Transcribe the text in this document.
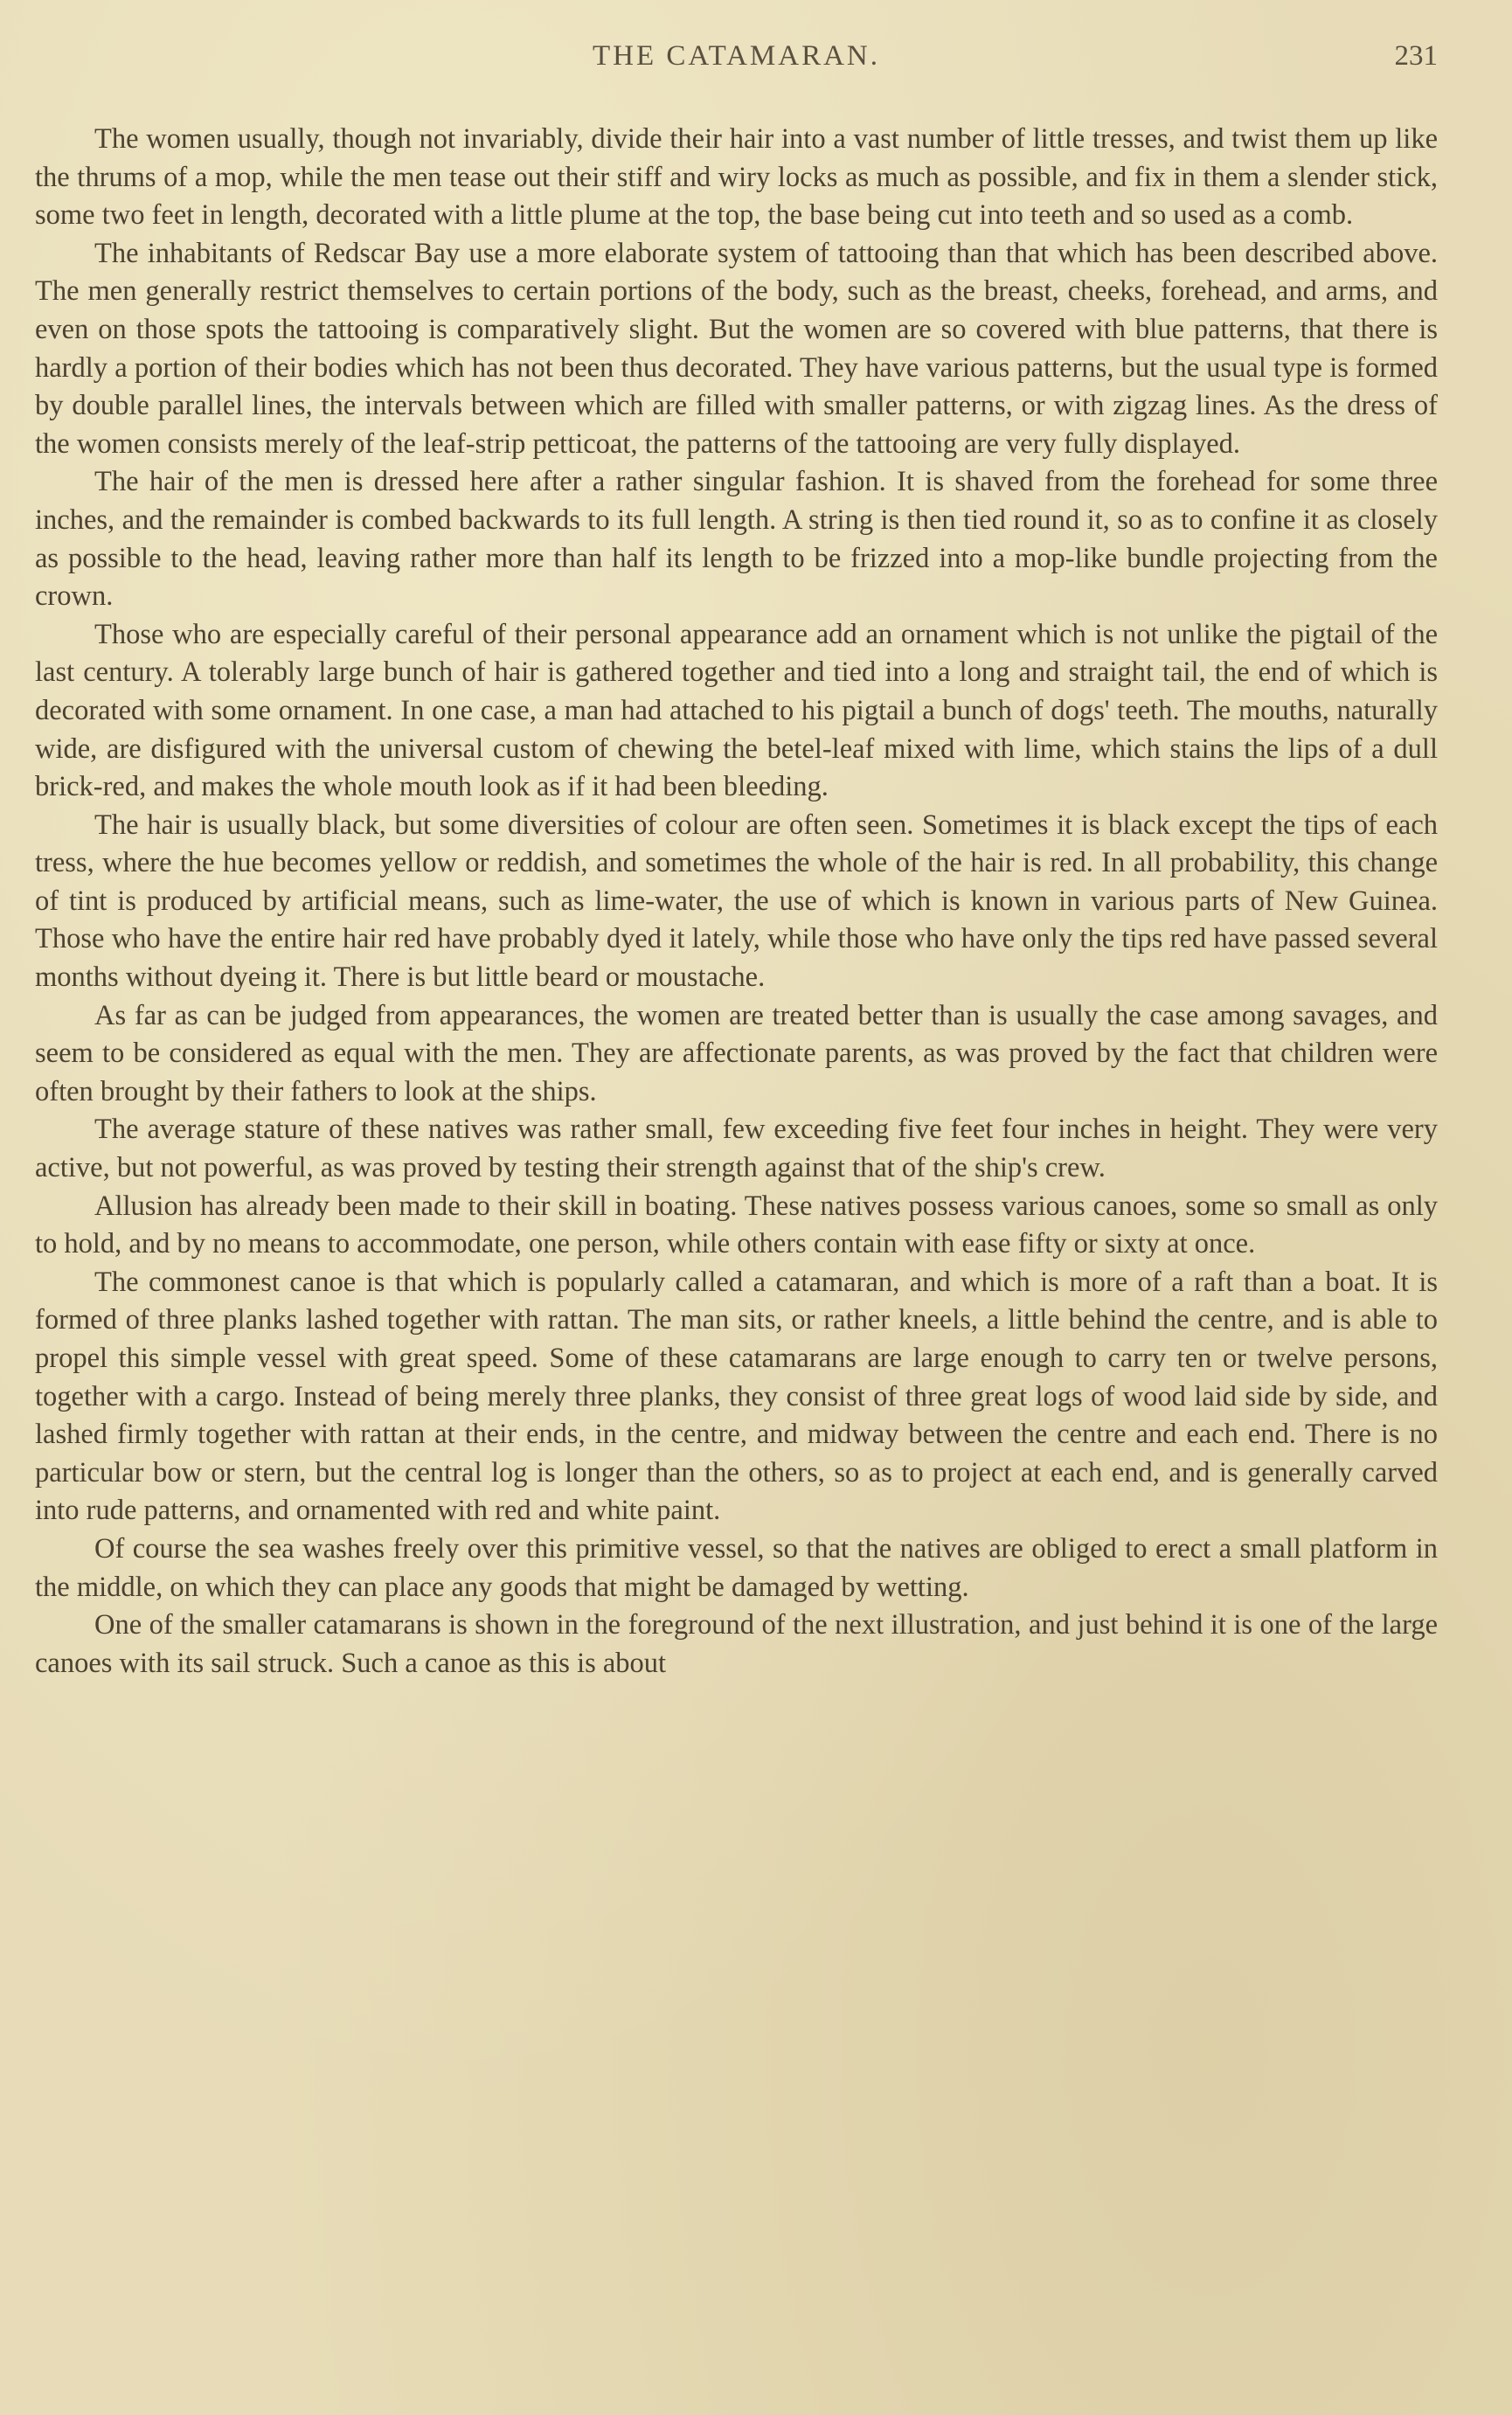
THE CATAMARAN.	231

The women usually, though not invariably, divide their hair into a vast number of little tresses, and twist them up like the thrums of a mop, while the men tease out their stiff and wiry locks as much as possible, and fix in them a slender stick, some two feet in length, decorated with a little plume at the top, the base being cut into teeth and so used as a comb.

The inhabitants of Redscar Bay use a more elaborate system of tattooing than that which has been described above. The men generally restrict themselves to certain portions of the body, such as the breast, cheeks, forehead, and arms, and even on those spots the tattooing is comparatively slight. But the women are so covered with blue patterns, that there is hardly a portion of their bodies which has not been thus decorated. They have various patterns, but the usual type is formed by double parallel lines, the intervals between which are filled with smaller patterns, or with zigzag lines. As the dress of the women consists merely of the leaf-strip petticoat, the patterns of the tattooing are very fully displayed.

The hair of the men is dressed here after a rather singular fashion. It is shaved from the forehead for some three inches, and the remainder is combed backwards to its full length. A string is then tied round it, so as to confine it as closely as possible to the head, leaving rather more than half its length to be frizzed into a mop-like bundle projecting from the crown.

Those who are especially careful of their personal appearance add an ornament which is not unlike the pigtail of the last century. A tolerably large bunch of hair is gathered together and tied into a long and straight tail, the end of which is decorated with some ornament. In one case, a man had attached to his pigtail a bunch of dogs' teeth. The mouths, naturally wide, are disfigured with the universal custom of chewing the betel-leaf mixed with lime, which stains the lips of a dull brick-red, and makes the whole mouth look as if it had been bleeding.

The hair is usually black, but some diversities of colour are often seen. Sometimes it is black except the tips of each tress, where the hue becomes yellow or reddish, and sometimes the whole of the hair is red. In all probability, this change of tint is produced by artificial means, such as lime-water, the use of which is known in various parts of New Guinea. Those who have the entire hair red have probably dyed it lately, while those who have only the tips red have passed several months without dyeing it. There is but little beard or moustache.

As far as can be judged from appearances, the women are treated better than is usually the case among savages, and seem to be considered as equal with the men. They are affectionate parents, as was proved by the fact that children were often brought by their fathers to look at the ships.

The average stature of these natives was rather small, few exceeding five feet four inches in height. They were very active, but not powerful, as was proved by testing their strength against that of the ship's crew.

Allusion has already been made to their skill in boating. These natives possess various canoes, some so small as only to hold, and by no means to accommodate, one person, while others contain with ease fifty or sixty at once.

The commonest canoe is that which is popularly called a catamaran, and which is more of a raft than a boat. It is formed of three planks lashed together with rattan. The man sits, or rather kneels, a little behind the centre, and is able to propel this simple vessel with great speed. Some of these catamarans are large enough to carry ten or twelve persons, together with a cargo. Instead of being merely three planks, they consist of three great logs of wood laid side by side, and lashed firmly together with rattan at their ends, in the centre, and midway between the centre and each end. There is no particular bow or stern, but the central log is longer than the others, so as to project at each end, and is generally carved into rude patterns, and ornamented with red and white paint.

Of course the sea washes freely over this primitive vessel, so that the natives are obliged to erect a small platform in the middle, on which they can place any goods that might be damaged by wetting.

One of the smaller catamarans is shown in the foreground of the next illustration, and just behind it is one of the large canoes with its sail struck. Such a canoe as this is about
